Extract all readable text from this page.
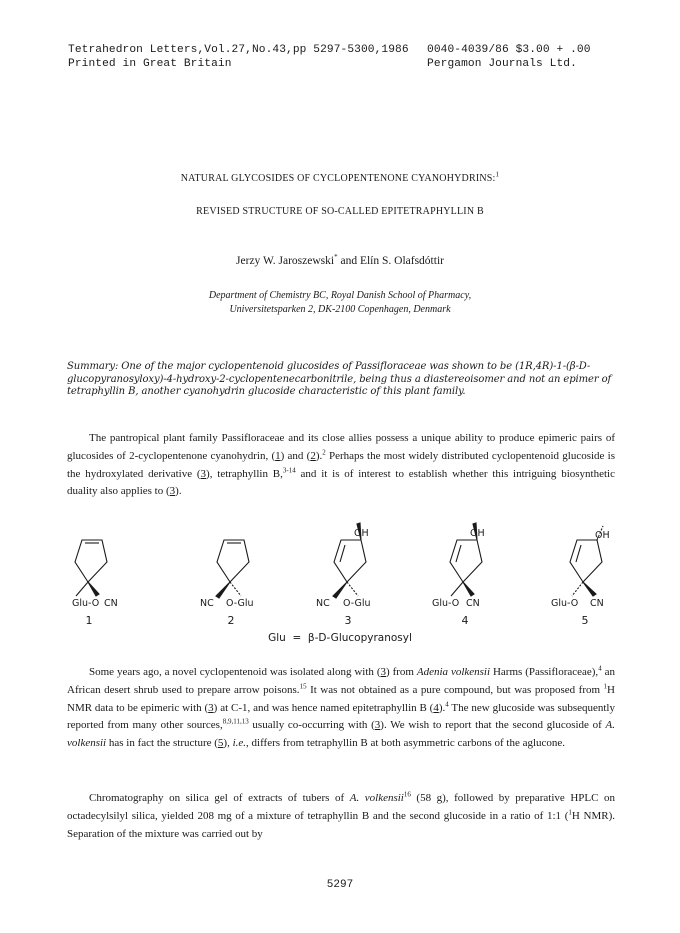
Tetrahedron Letters,Vol.27,No.43,pp 5297-5300,1986
Printed in Great Britain
0040-4039/86 $3.00 + .00
Pergamon Journals Ltd.
NATURAL GLYCOSIDES OF CYCLOPENTENONE CYANOHYDRINS:$^1$
REVISED STRUCTURE OF SO-CALLED EPITETRAPHYLLIN B
Jerzy W. Jaroszewski* and Elín S. Olafsdóttir
Department of Chemistry BC, Royal Danish School of Pharmacy,
Universitetsparken 2, DK-2100 Copenhagen, Denmark
Summary: One of the major cyclopentenoid glucosides of Passifloraceae was shown to be (1R,4R)-1-(β-D-glucopyranosyloxy)-4-hydroxy-2-cyclopentenecarbonitrile, being thus a diastereoisomer and not an epimer of tetraphyllin B, another cyanohydrin glucoside characteristic of this plant family.
The pantropical plant family Passifloraceae and its close allies possess a unique ability to produce epimeric pairs of glucosides of 2-cyclopentenone cyanohydrin, (1) and (2).$^2$ Perhaps the most widely distributed cyclopentenoid glucoside is the hydroxylated derivative (3), tetraphyllin B,$^{3-14}$ and it is of interest to establish whether this intriguing biosynthetic duality also applies to (3).
Glu-O CN	NC O-Glu
OH
NC O-Glu
OH
Glu-O CN
OH
Glu-O CN
1	2	3	4	5
Glu  =  β-D-Glucopyranosyl
Some years ago, a novel cyclopentenoid was isolated along with (3) from Adenia volkensii Harms (Passifloraceae),$^4$ an African desert shrub used to prepare arrow poisons.$^{15}$ It was not obtained as a pure compound, but was proposed from $^1$H NMR data to be epimeric with (3) at C-1, and was hence named epitetraphyllin B (4).$^4$ The new glucoside was subsequently reported from many other sources,$^{8,9,11,13}$ usually co-occurring with (3). We wish to report that the second glucoside of A. volkensii has in fact the structure (5), i.e., differs from tetraphyllin B at both asymmetric carbons of the aglucone.
Chromatography on silica gel of extracts of tubers of A. volkensii$^{16}$ (58 g), followed by preparative HPLC on octadecylsilyl silica, yielded 208 mg of a mixture of tetraphyllin B and the second glucoside in a ratio of 1:1 ($^1$H NMR). Separation of the mixture was carried out by
5297
